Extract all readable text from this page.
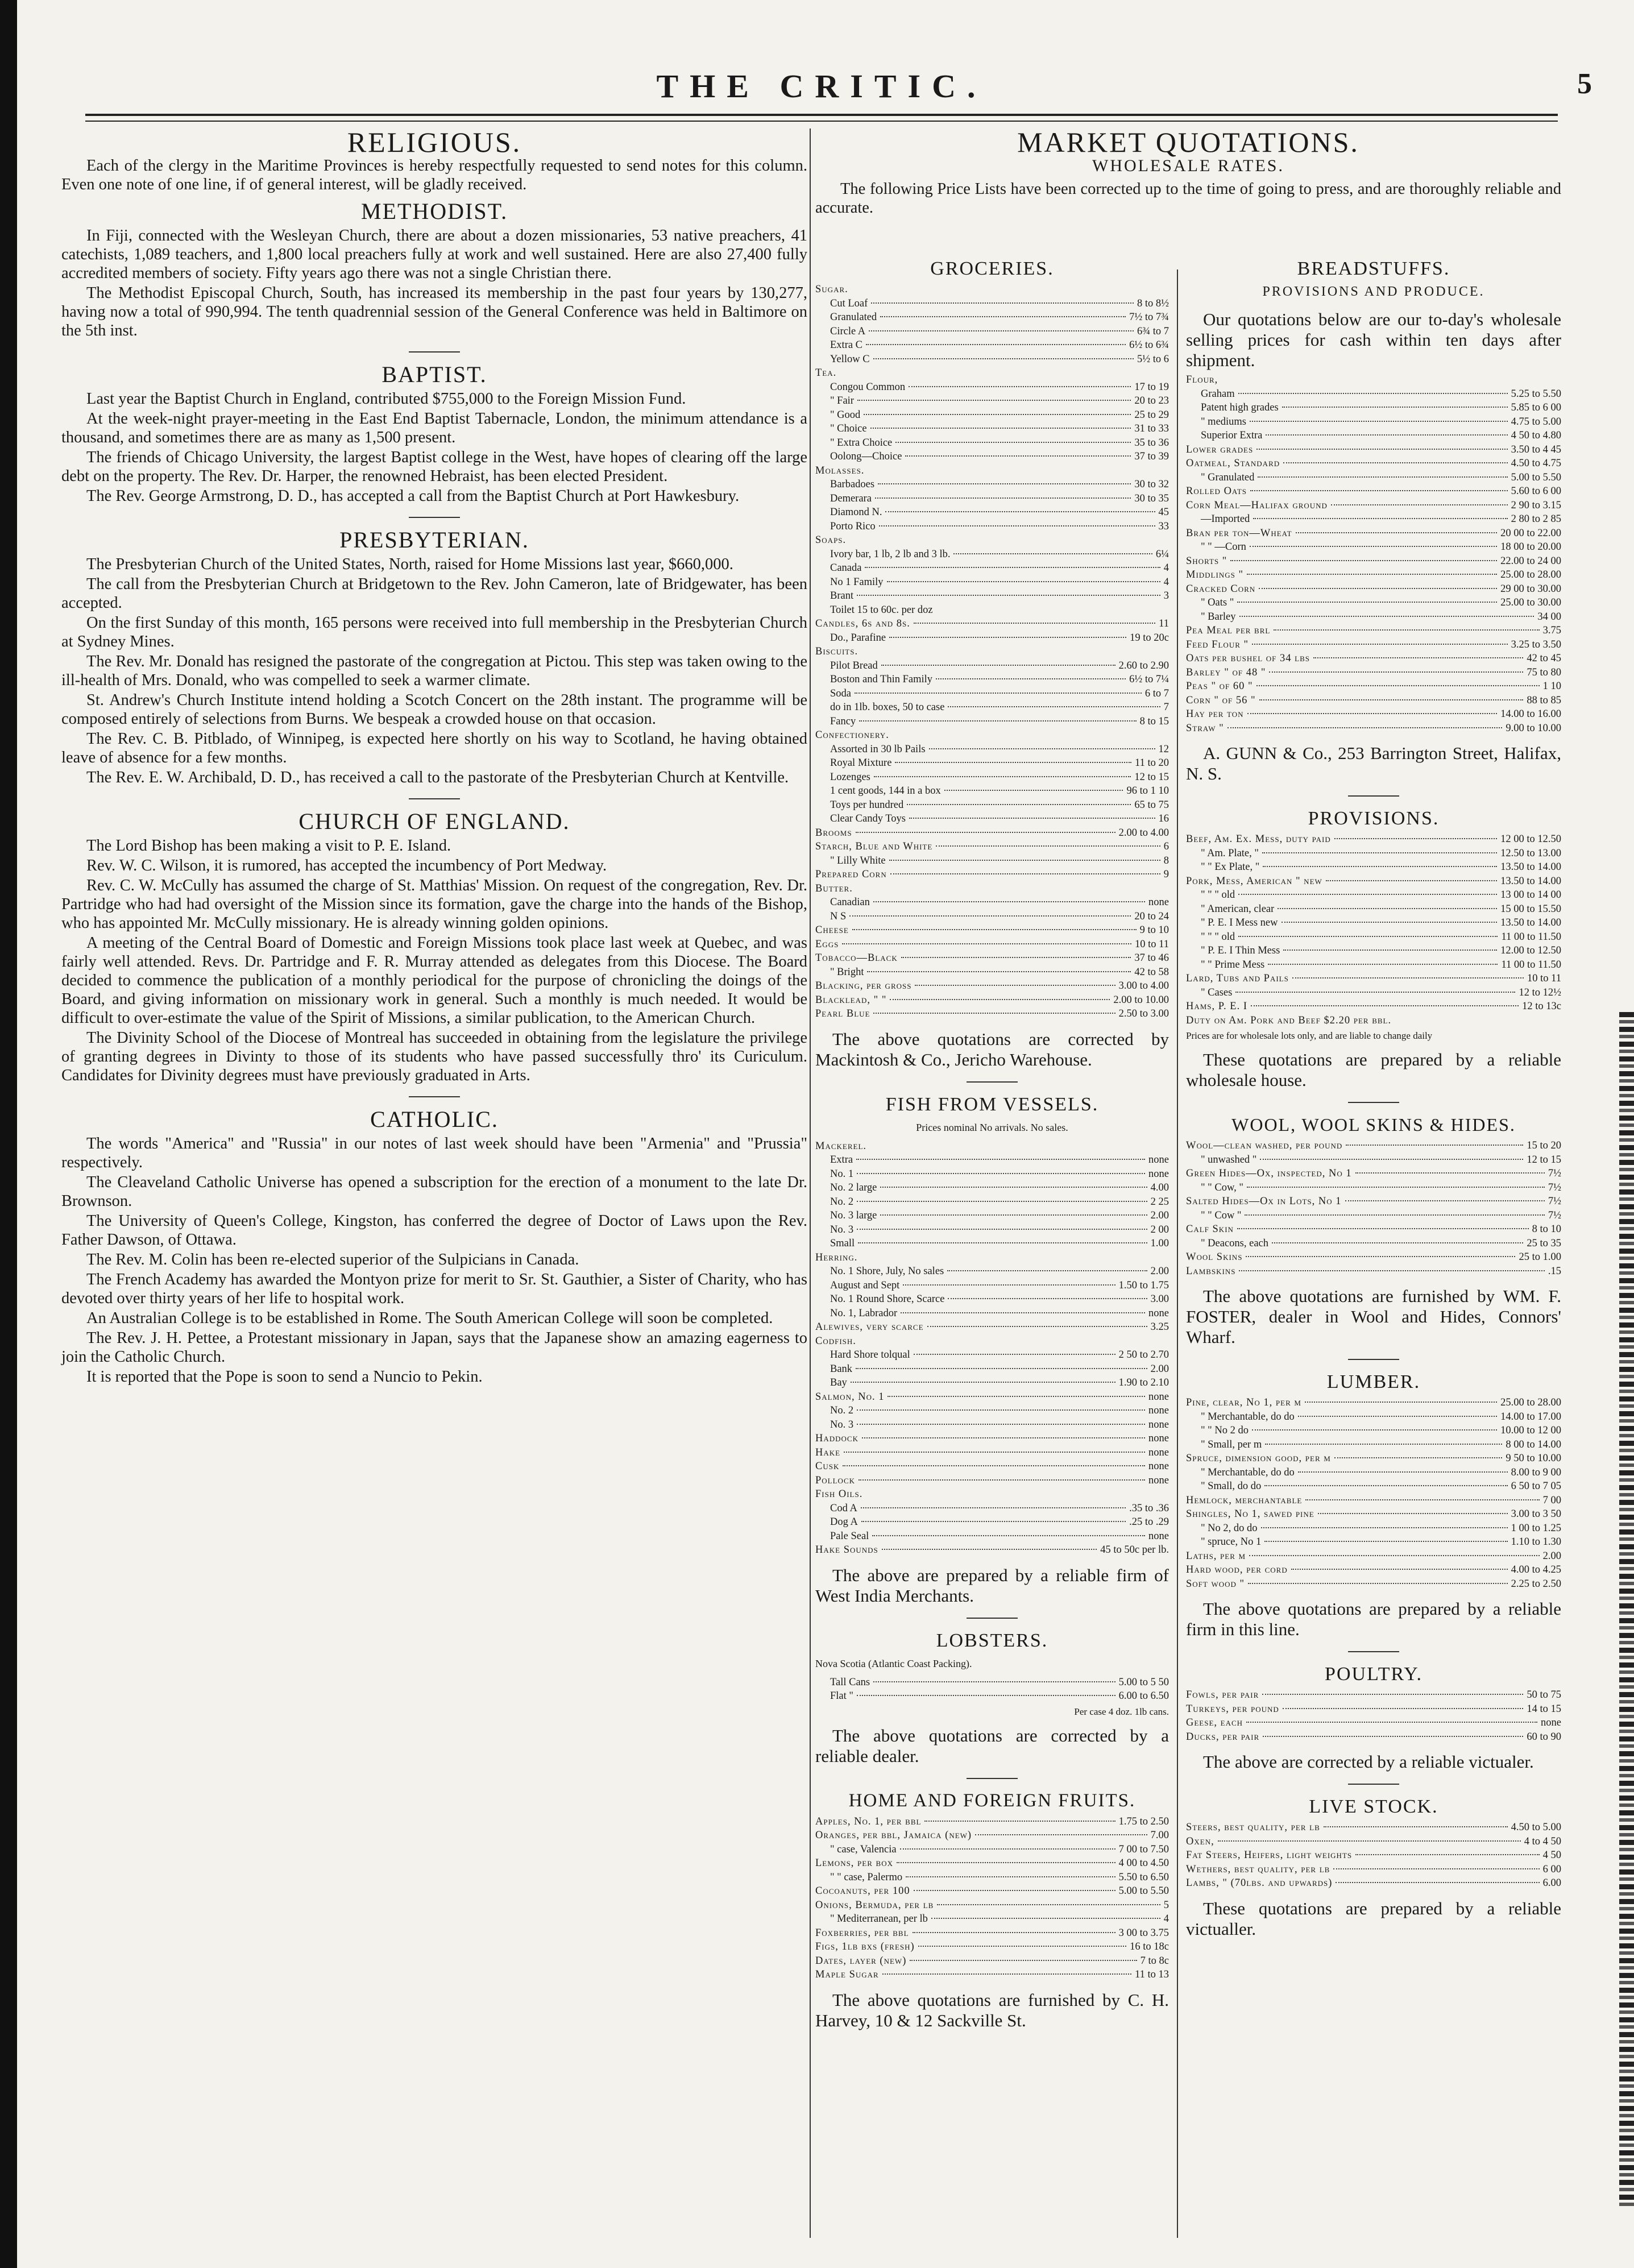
THE CRITIC.	5
RELIGIOUS.

Each of the clergy in the Maritime Provinces is hereby respectfully requested to send notes for this column. Even one note of one line, if of general interest, will be gladly received.

METHODIST.

In Fiji, connected with the Wesleyan Church, there are about a dozen missionaries, 53 native preachers, 41 catechists, 1,089 teachers, and 1,800 local preachers fully at work and well sustained. Here are also 27,400 fully accredited members of society. Fifty years ago there was not a single Christian there.

The Methodist Episcopal Church, South, has increased its membership in the past four years by 130,277, having now a total of 990,994. The tenth quadrennial session of the General Conference was held in Baltimore on the 5th inst.

BAPTIST.

Last year the Baptist Church in England, contributed $755,000 to the Foreign Mission Fund.

At the week-night prayer-meeting in the East End Baptist Tabernacle, London, the minimum attendance is a thousand, and sometimes there are as many as 1,500 present.

The friends of Chicago University, the largest Baptist college in the West, have hopes of clearing off the large debt on the property. The Rev. Dr. Harper, the renowned Hebraist, has been elected President.

The Rev. George Armstrong, D. D., has accepted a call from the Baptist Church at Port Hawkesbury.

PRESBYTERIAN.

The Presbyterian Church of the United States, North, raised for Home Missions last year, $660,000.

The call from the Presbyterian Church at Bridgetown to the Rev. John Cameron, late of Bridgewater, has been accepted.

On the first Sunday of this month, 165 persons were received into full membership in the Presbyterian Church at Sydney Mines.

The Rev. Mr. Donald has resigned the pastorate of the congregation at Pictou. This step was taken owing to the ill-health of Mrs. Donald, who was compelled to seek a warmer climate.

St. Andrew's Church Institute intend holding a Scotch Concert on the 28th instant. The programme will be composed entirely of selections from Burns. We bespeak a crowded house on that occasion.

The Rev. C. B. Pitblado, of Winnipeg, is expected here shortly on his way to Scotland, he having obtained leave of absence for a few months.

The Rev. E. W. Archibald, D. D., has received a call to the pastorate of the Presbyterian Church at Kentville.

CHURCH OF ENGLAND.

The Lord Bishop has been making a visit to P. E. Island.

Rev. W. C. Wilson, it is rumored, has accepted the incumbency of Port Medway.

Rev. C. W. McCully has assumed the charge of St. Matthias' Mission. On request of the congregation, Rev. Dr. Partridge who had had oversight of the Mission since its formation, gave the charge into the hands of the Bishop, who has appointed Mr. McCully missionary. He is already winning golden opinions.

A meeting of the Central Board of Domestic and Foreign Missions took place last week at Quebec, and was fairly well attended. Revs. Dr. Partridge and F. R. Murray attended as delegates from this Diocese. The Board decided to commence the publication of a monthly periodical for the purpose of chronicling the doings of the Board, and giving information on missionary work in general. Such a monthly is much needed. It would be difficult to over-estimate the value of the Spirit of Missions, a similar publication, to the American Church.

The Divinity School of the Diocese of Montreal has succeeded in obtaining from the legislature the privilege of granting degrees in Divinty to those of its students who have passed successfully thro' its Curiculum. Candidates for Divinity degrees must have previously graduated in Arts.

CATHOLIC.

The words "America" and "Russia" in our notes of last week should have been "Armenia" and "Prussia" respectively.

The Cleaveland Catholic Universe has opened a subscription for the erection of a monument to the late Dr. Brownson.

The University of Queen's College, Kingston, has conferred the degree of Doctor of Laws upon the Rev. Father Dawson, of Ottawa.

The Rev. M. Colin has been re-elected superior of the Sulpicians in Canada.

The French Academy has awarded the Montyon prize for merit to Sr. St. Gauthier, a Sister of Charity, who has devoted over thirty years of her life to hospital work.

An Australian College is to be established in Rome. The South American College will soon be completed.

The Rev. J. H. Pettee, a Protestant missionary in Japan, says that the Japanese show an amazing eagerness to join the Catholic Church.

It is reported that the Pope is soon to send a Nuncio to Pekin.

MARKET QUOTATIONS.
WHOLESALE RATES.

The following Price Lists have been corrected up to the time of going to press, and are thoroughly reliable and accurate.

GROCERIES.
Sugar.
Cut Loaf	8 to 8½
Granulated	7½ to 7¾
Circle A	6¾ to 7
Extra C	6½ to 6¾
Yellow C	5½ to 6
Tea.
Congou Common	17 to 19
" Fair	20 to 23
" Good	25 to 29
" Choice	31 to 33
" Extra Choice	35 to 36
Oolong—Choice	37 to 39
Molasses.
Barbadoes	30 to 32
Demerara	30 to 35
Diamond N.	45
Porto Rico	33
Soaps.
Ivory bar, 1 lb, 2 lb and 3 lb.	6¼
Canada	4
No 1 Family	4
Brant	3
Toilet 15 to 60c. per doz
Candles, 6s and 8s.	11
Do., Parafine	19 to 20c
Biscuits.
Pilot Bread	2.60 to 2.90
Boston and Thin Family	6½ to 7¼
Soda	6 to 7
do in 1lb. boxes, 50 to case	7
Fancy	8 to 15
Confectionery.
Assorted in 30 lb Pails	12
Royal Mixture	11 to 20
Lozenges	12 to 15
1 cent goods, 144 in a box	96 to 1 10
Toys per hundred	65 to 75
Clear Candy Toys	16
Brooms	2.00 to 4.00
Starch, Blue and White	6
" Lilly White	8
Prepared Corn	9
Butter.
Canadian	none
N S	20 to 24
Cheese	9 to 10
Eggs	10 to 11
Tobacco—Black	37 to 46
" Bright	42 to 58
Blacking, per gross	3.00 to 4.00
Blacklead, " "	2.00 to 10.00
Pearl Blue	2.50 to 3.00
The above quotations are corrected by Mackintosh & Co., Jericho Warehouse.
FISH FROM VESSELS.
Prices nominal No arrivals. No sales.
Mackerel.
Extra	none
No. 1	none
No. 2 large	4.00
No. 2	2 25
No. 3 large	2.00
No. 3	2 00
Small	1.00
Herring.
No. 1 Shore, July, No sales	2.00
August and Sept	1.50 to 1.75
No. 1 Round Shore, Scarce	3.00
No. 1, Labrador	none
Alewives, very scarce	3.25
Codfish.
Hard Shore tolqual	2 50 to 2.70
Bank	2.00
Bay	1.90 to 2.10
Salmon, No. 1	none
No. 2	none
No. 3	none
Haddock	none
Hake	none
Cusk	none
Pollock	none
Fish Oils.
Cod A	.35 to .36
Dog A	.25 to .29
Pale Seal	none
Hake Sounds	45 to 50c per lb.
The above are prepared by a reliable firm of West India Merchants.
LOBSTERS.
Nova Scotia (Atlantic Coast Packing).
Tall Cans	5.00 to 5 50
Flat "	6.00 to 6.50
Per case 4 doz. 1lb cans.
The above quotations are corrected by a reliable dealer.
HOME AND FOREIGN FRUITS.
Apples, No. 1, per bbl	1.75 to 2.50
Oranges, per bbl, Jamaica (new)	7.00
" case, Valencia	7 00 to 7.50
Lemons, per box	4 00 to 4.50
" " case, Palermo	5.50 to 6.50
Cocoanuts, per 100	5.00 to 5.50
Onions, Bermuda, per lb	5
" Mediterranean, per lb	4
Foxberries, per bbl	3 00 to 3.75
Figs, 1lb bxs (fresh)	16 to 18c
Dates, layer (new)	7 to 8c
Maple Sugar	11 to 13
The above quotations are furnished by C. H. Harvey, 10 & 12 Sackville St.
BREADSTUFFS.
PROVISIONS AND PRODUCE.
Our quotations below are our to-day's wholesale selling prices for cash within ten days after shipment.
Flour,
Graham	5.25 to 5.50
Patent high grades	5.85 to 6 00
" mediums	4.75 to 5.00
Superior Extra	4 50 to 4.80
Lower grades	3.50 to 4 45
Oatmeal, Standard	4.50 to 4.75
" Granulated	5.00 to 5.50
Rolled Oats	5.60 to 6 00
Corn Meal—Halifax ground	2 90 to 3.15
—Imported	2 80 to 2 85
Bran per ton—Wheat	20 00 to 22.00
" " —Corn	18 00 to 20.00
Shorts "	22.00 to 24 00
Middlings "	25.00 to 28.00
Cracked Corn	29 00 to 30.00
" Oats "	25.00 to 30.00
" Barley	34 00
Pea Meal per brl	3.75
Feed Flour "	3.25 to 3.50
Oats per bushel of 34 lbs	42 to 45
Barley " of 48 "	75 to 80
Peas " of 60 "	1 10
Corn " of 56 "	88 to 85
Hay per ton	14.00 to 16.00
Straw "	9.00 to 10.00
A. GUNN & Co., 253 Barrington Street, Halifax, N. S.
PROVISIONS.
Beef, Am. Ex. Mess, duty paid	12 00 to 12.50
" Am. Plate, "	12.50 to 13.00
" " Ex Plate, "	13.50 to 14.00
Pork, Mess, American " new	13.50 to 14.00
" " " old	13 00 to 14 00
" American, clear	15 00 to 15.50
" P. E. I Mess new	13.50 to 14.00
" " " old	11 00 to 11.50
" P. E. I Thin Mess	12.00 to 12.50
" " Prime Mess	11 00 to 11.50
Lard, Tubs and Pails	10 to 11
" Cases	12 to 12½
Hams, P. E. I	12 to 13c
Duty on Am. Pork and Beef $2.20 per bbl.
Prices are for wholesale lots only, and are liable to change daily
These quotations are prepared by a reliable wholesale house.
WOOL, WOOL SKINS & HIDES.
Wool—clean washed, per pound	15 to 20
" unwashed "	12 to 15
Green Hides—Ox, inspected, No 1	7½
" " Cow, "	7½
Salted Hides—Ox in Lots, No 1	7½
" " Cow "	7½
Calf Skin	8 to 10
" Deacons, each	25 to 35
Wool Skins	25 to 1.00
Lambskins	.15
The above quotations are furnished by WM. F. FOSTER, dealer in Wool and Hides, Connors' Wharf.
LUMBER.
Pine, clear, No 1, per m	25.00 to 28.00
" Merchantable, do do	14.00 to 17.00
" " No 2 do	10.00 to 12 00
" Small, per m	8 00 to 14.00
Spruce, dimension good, per m	9 50 to 10.00
" Merchantable, do do	8.00 to 9 00
" Small, do do	6 50 to 7 05
Hemlock, merchantable	7 00
Shingles, No 1, sawed pine	3.00 to 3 50
" No 2, do do	1 00 to 1.25
" spruce, No 1	1.10 to 1.30
Laths, per m	2.00
Hard wood, per cord	4.00 to 4.25
Soft wood "	2.25 to 2.50
The above quotations are prepared by a reliable firm in this line.
POULTRY.
Fowls, per pair	50 to 75
Turkeys, per pound	14 to 15
Geese, each	none
Ducks, per pair	60 to 90
The above are corrected by a reliable victualer.
LIVE STOCK.
Steers, best quality, per lb	4.50 to 5.00
Oxen,	4 to 4 50
Fat Steers, Heifers, light weights	4 50
Wethers, best quality, per lb	6 00
Lambs, " (70lbs. and upwards)	6.00
These quotations are prepared by a reliable victualler.
